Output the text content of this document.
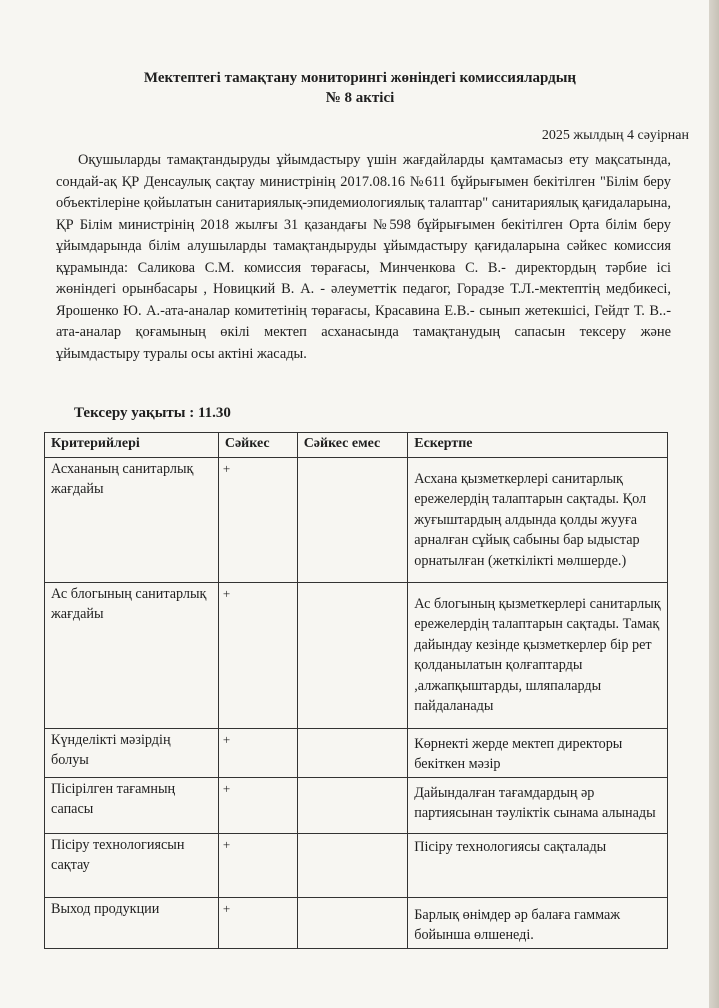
Мектептегі тамақтану мониторингі жөніндегі комиссиялардың
№ 8 актісі
2025 жылдың 4 сәуірнан

Оқушыларды тамақтандыруды ұйымдастыру үшін жағдайларды қамтамасыз ету мақсатында, сондай-ақ ҚР Денсаулық сақтау министрінің 2017.08.16 №611 бұйрығымен бекітілген "Білім беру объектілеріне қойылатын санитариялық-эпидемиологиялық талаптар" санитариялық қағидаларына, ҚР Білім министрінің 2018 жылғы 31 қазандағы №598 бұйрығымен бекітілген Орта білім беру ұйымдарында білім алушыларды тамақтандыруды ұйымдастыру қағидаларына сәйкес комиссия құрамында: Саликова С.М. комиссия төрағасы, Минченкова С. В.- директордың тәрбие ісі жөніндегі орынбасары , Новицкий В. А. - әлеуметтік педагог, Горадзе Т.Л.-мектептің медбикесі, Ярошенко Ю. А.-ата-аналар комитетінің төрағасы, Красавина Е.В.- сынып жетекшісі, Гейдт Т. В..- ата-аналар қоғамының өкілі мектеп асханасында тамақтанудың сапасын тексеру және ұйымдастыру туралы осы актіні жасады.

Тексеру уақыты : 11.30
Критерийлері	Сәйкес	Сәйкес емес	Ескертпе
Асхананың санитарлық жағдайы	+		Асхана қызметкерлері санитарлық ережелердің талаптарын сақтады. Қол жуғыштардың алдында қолды жууға арналған сұйық сабыны бар ыдыстар орнатылған (жеткілікті мөлшерде.)

Ас блогының санитарлық жағдайы	+		Ас блогының қызметкерлері санитарлық ережелердің талаптарын сақтады. Тамақ дайындау кезінде қызметкерлер бір рет қолданылатын қолғаптарды ,алжапқыштарды, шляпаларды пайдаланады

Күнделікті мәзірдің болуы	+		Көрнекті жерде мектеп директоры бекіткен мәзір

Пісірілген тағамның сапасы	+		Дайындалған тағамдардың әр партиясынан тәуліктік сынама алынады

Пісіру технологиясын сақтау	+		Пісіру технологиясы сақталады

Выход продукции	+		Барлық өнімдер әр балаға гаммаж бойынша өлшенеді.
